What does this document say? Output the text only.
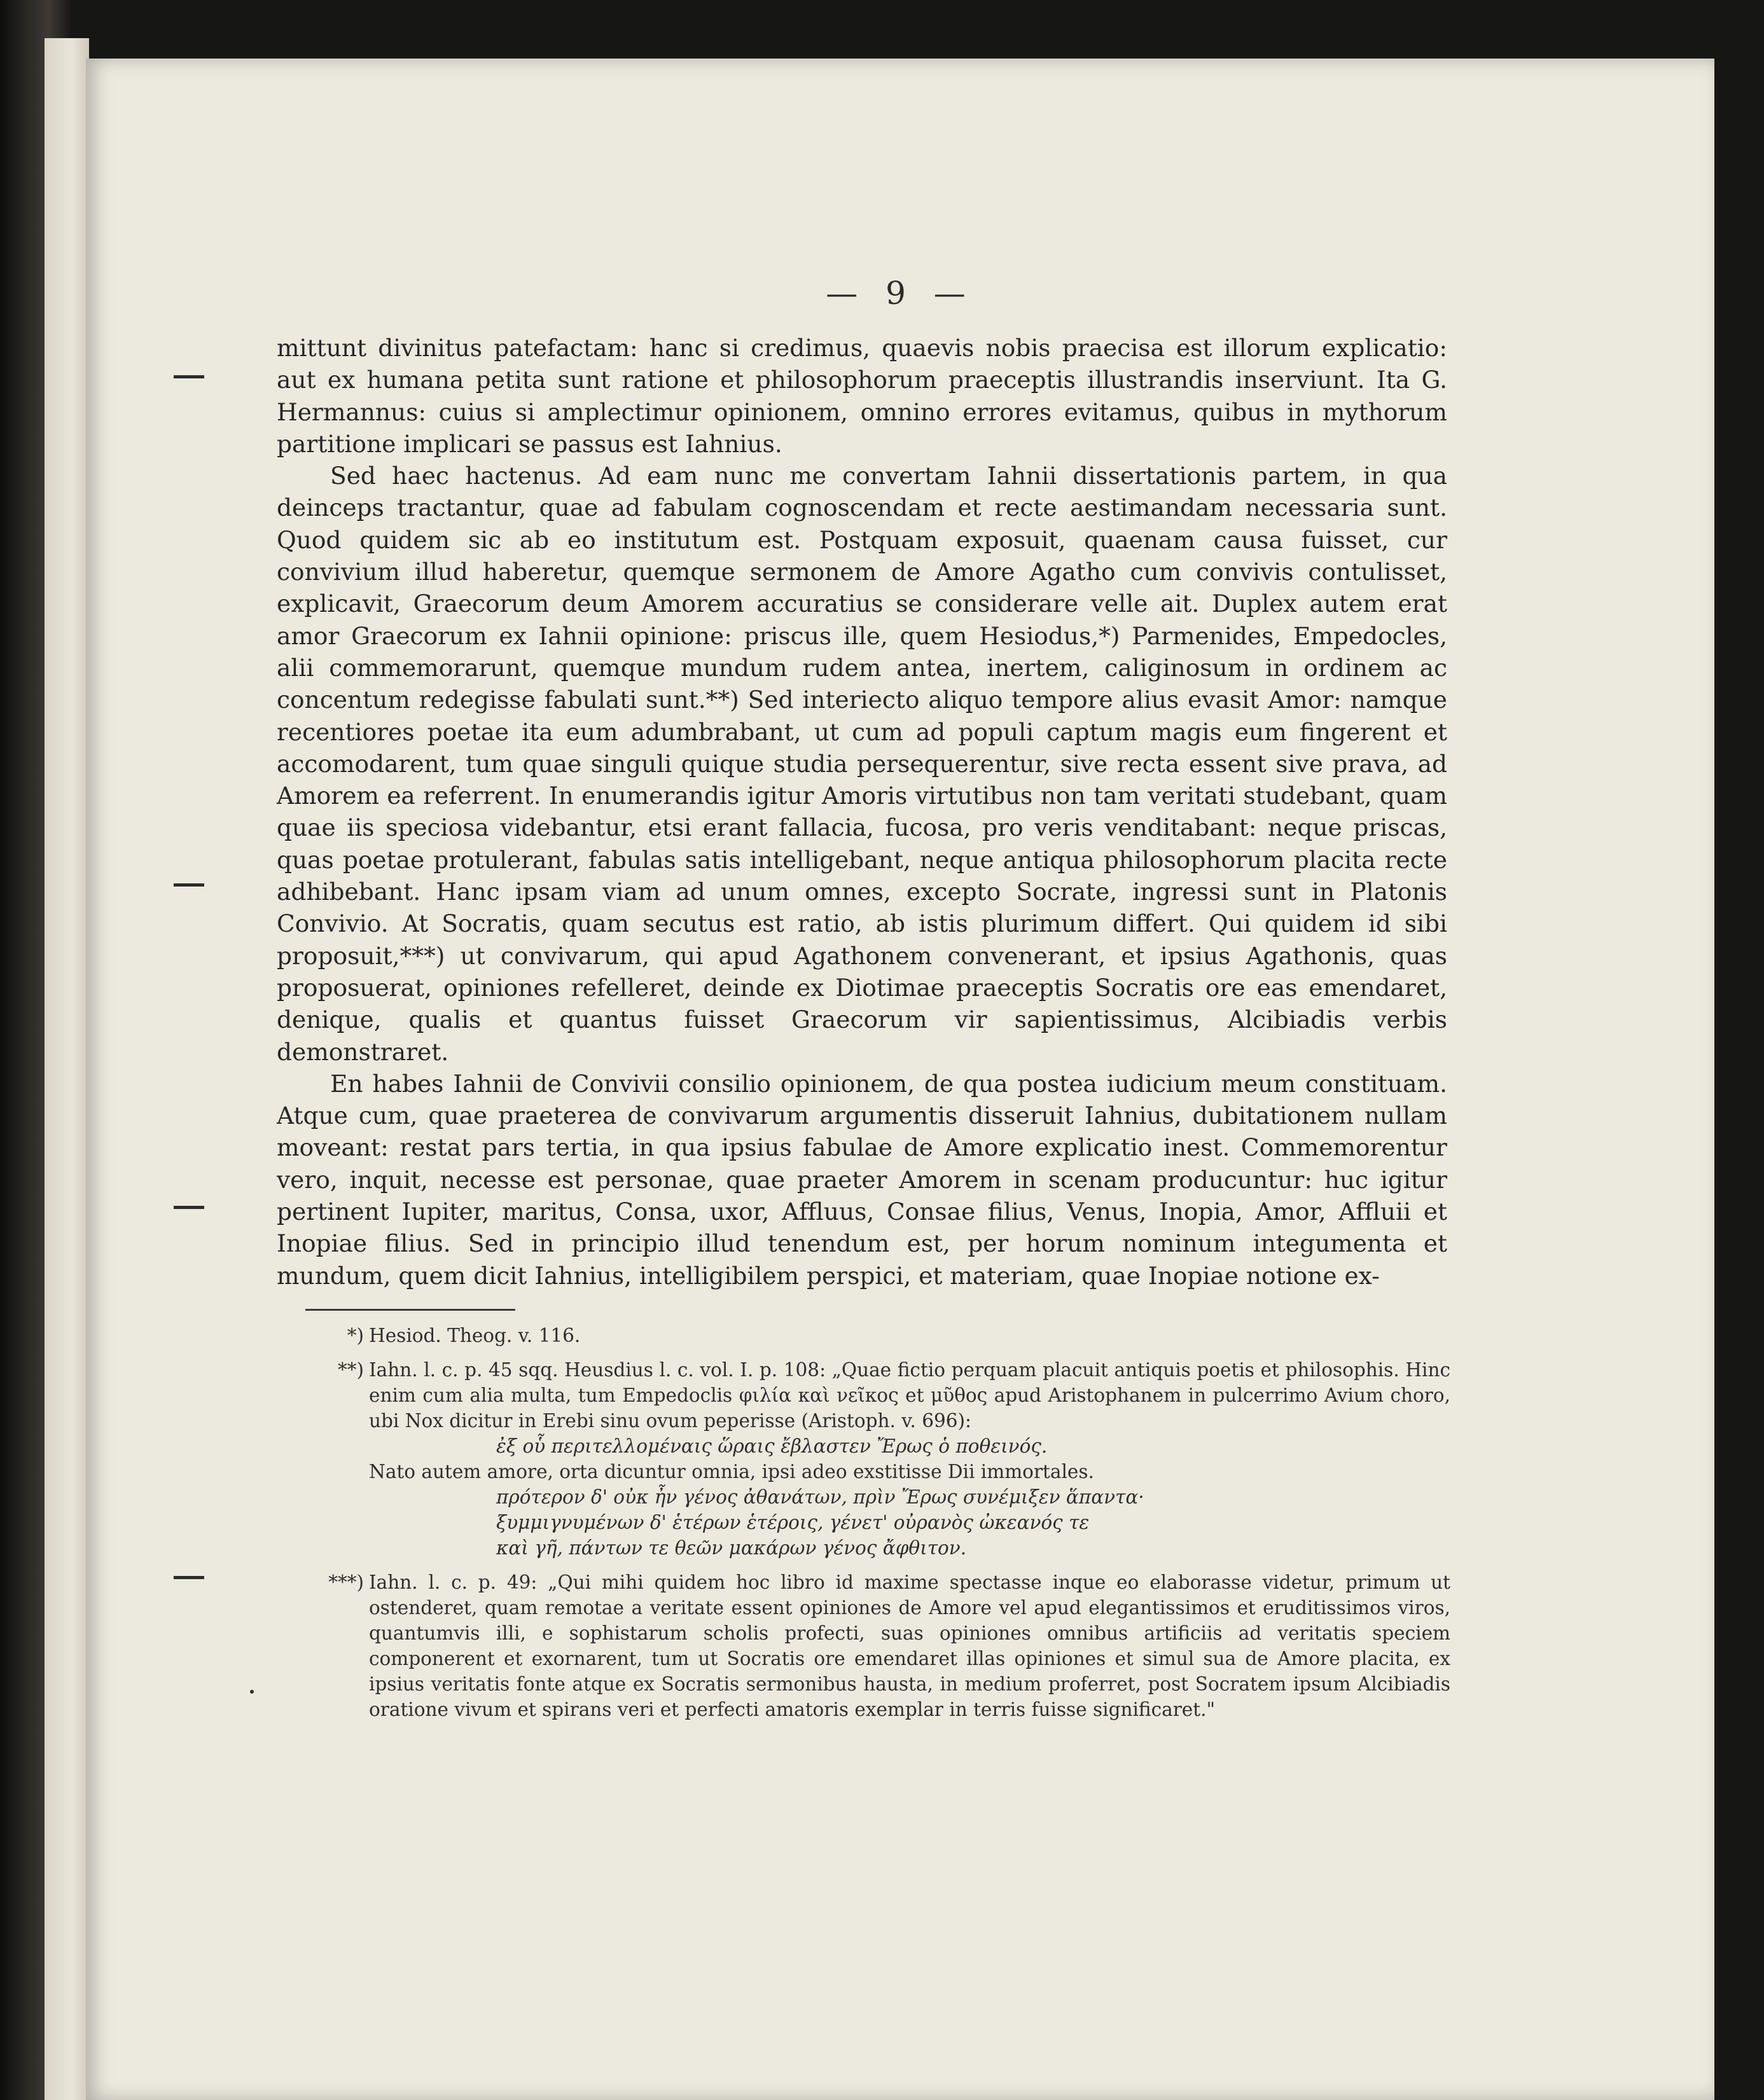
— 9 —

mittunt divinitus patefactam: hanc si credimus, quaevis nobis praecisa est illorum explicatio: aut ex humana petita sunt ratione et philosophorum praeceptis illustrandis inserviunt. Ita G. Hermannus: cuius si amplectimur opinionem, omnino errores evitamus, quibus in mythorum partitione implicari se passus est Iahnius.

Sed haec hactenus. Ad eam nunc me convertam Iahnii dissertationis partem, in qua deinceps tractantur, quae ad fabulam cognoscendam et recte aestimandam necessaria sunt. Quod quidem sic ab eo institutum est. Postquam exposuit, quaenam causa fuisset, cur convivium illud haberetur, quemque sermonem de Amore Agatho cum convivis contulisset, explicavit, Graecorum deum Amorem accuratius se considerare velle ait. Duplex autem erat amor Graecorum ex Iahnii opinione: priscus ille, quem Hesiodus,*) Parmenides, Empedocles, alii commemorarunt, quemque mundum rudem antea, inertem, caliginosum in ordinem ac concentum redegisse fabulati sunt.**) Sed interiecto aliquo tempore alius evasit Amor: namque recentiores poetae ita eum adumbrabant, ut cum ad populi captum magis eum fingerent et accomodarent, tum quae singuli quique studia persequerentur, sive recta essent sive prava, ad Amorem ea referrent. In enumerandis igitur Amoris virtutibus non tam veritati studebant, quam quae iis speciosa videbantur, etsi erant fallacia, fucosa, pro veris venditabant: neque priscas, quas poetae protulerant, fabulas satis intelligebant, neque antiqua philosophorum placita recte adhibebant. Hanc ipsam viam ad unum omnes, excepto Socrate, ingressi sunt in Platonis Convivio. At Socratis, quam secutus est ratio, ab istis plurimum differt. Qui quidem id sibi proposuit,***) ut convivarum, qui apud Agathonem convenerant, et ipsius Agathonis, quas proposuerat, opiniones refelleret, deinde ex Diotimae praeceptis Socratis ore eas emendaret, denique, qualis et quantus fuisset Graecorum vir sapientissimus, Alcibiadis verbis demonstraret.

En habes Iahnii de Convivii consilio opinionem, de qua postea iudicium meum constituam. Atque cum, quae praeterea de convivarum argumentis disseruit Iahnius, dubitationem nullam moveant: restat pars tertia, in qua ipsius fabulae de Amore explicatio inest. Commemorentur vero, inquit, necesse est personae, quae praeter Amorem in scenam producuntur: huc igitur pertinent Iupiter, maritus, Consa, uxor, Affluus, Consae filius, Venus, Inopia, Amor, Affluii et Inopiae filius. Sed in principio illud tenendum est, per horum nominum integumenta et mundum, quem dicit Iahnius, intelligibilem perspici, et materiam, quae Inopiae notione ex-

*) Hesiod. Theog. v. 116.
**) Iahn. l. c. p. 45 sqq. Heusdius l. c. vol. I. p. 108: „Quae fictio perquam placuit antiquis poetis et philosophis. Hinc enim cum alia multa, tum Empedoclis φιλία καὶ νεῖκος et μῦθος apud Aristophanem in pulcerrimo Avium choro, ubi Nox dicitur in Erebi sinu ovum peperisse (Aristoph. v. 696):
ἐξ οὗ περιτελλομέναις ὥραις ἔβλαστεν Ἔρως ὁ ποθεινός.
Nato autem amore, orta dicuntur omnia, ipsi adeo exstitisse Dii immortales.
πρότερον δ' οὐκ ἦν γένος ἀθανάτων, πρὶν Ἔρως συνέμιξεν ἅπαντα·
ξυμμιγνυμένων δ' ἑτέρων ἑτέροις, γένετ' οὐρανὸς ὠκεανός τε
καὶ γῆ, πάντων τε θεῶν μακάρων γένος ἄφθιτον.
***) Iahn. l. c. p. 49: „Qui mihi quidem hoc libro id maxime spectasse inque eo elaborasse videtur, primum ut ostenderet, quam remotae a veritate essent opiniones de Amore vel apud elegantissimos et eruditissimos viros, quantumvis illi, e sophistarum scholis profecti, suas opiniones omnibus artificiis ad veritatis speciem componerent et exornarent, tum ut Socratis ore emendaret illas opiniones et simul sua de Amore placita, ex ipsius veritatis fonte atque ex Socratis sermonibus hausta, in medium proferret, post Socratem ipsum Alcibiadis oratione vivum et spirans veri et perfecti amatoris exemplar in terris fuisse significaret."
